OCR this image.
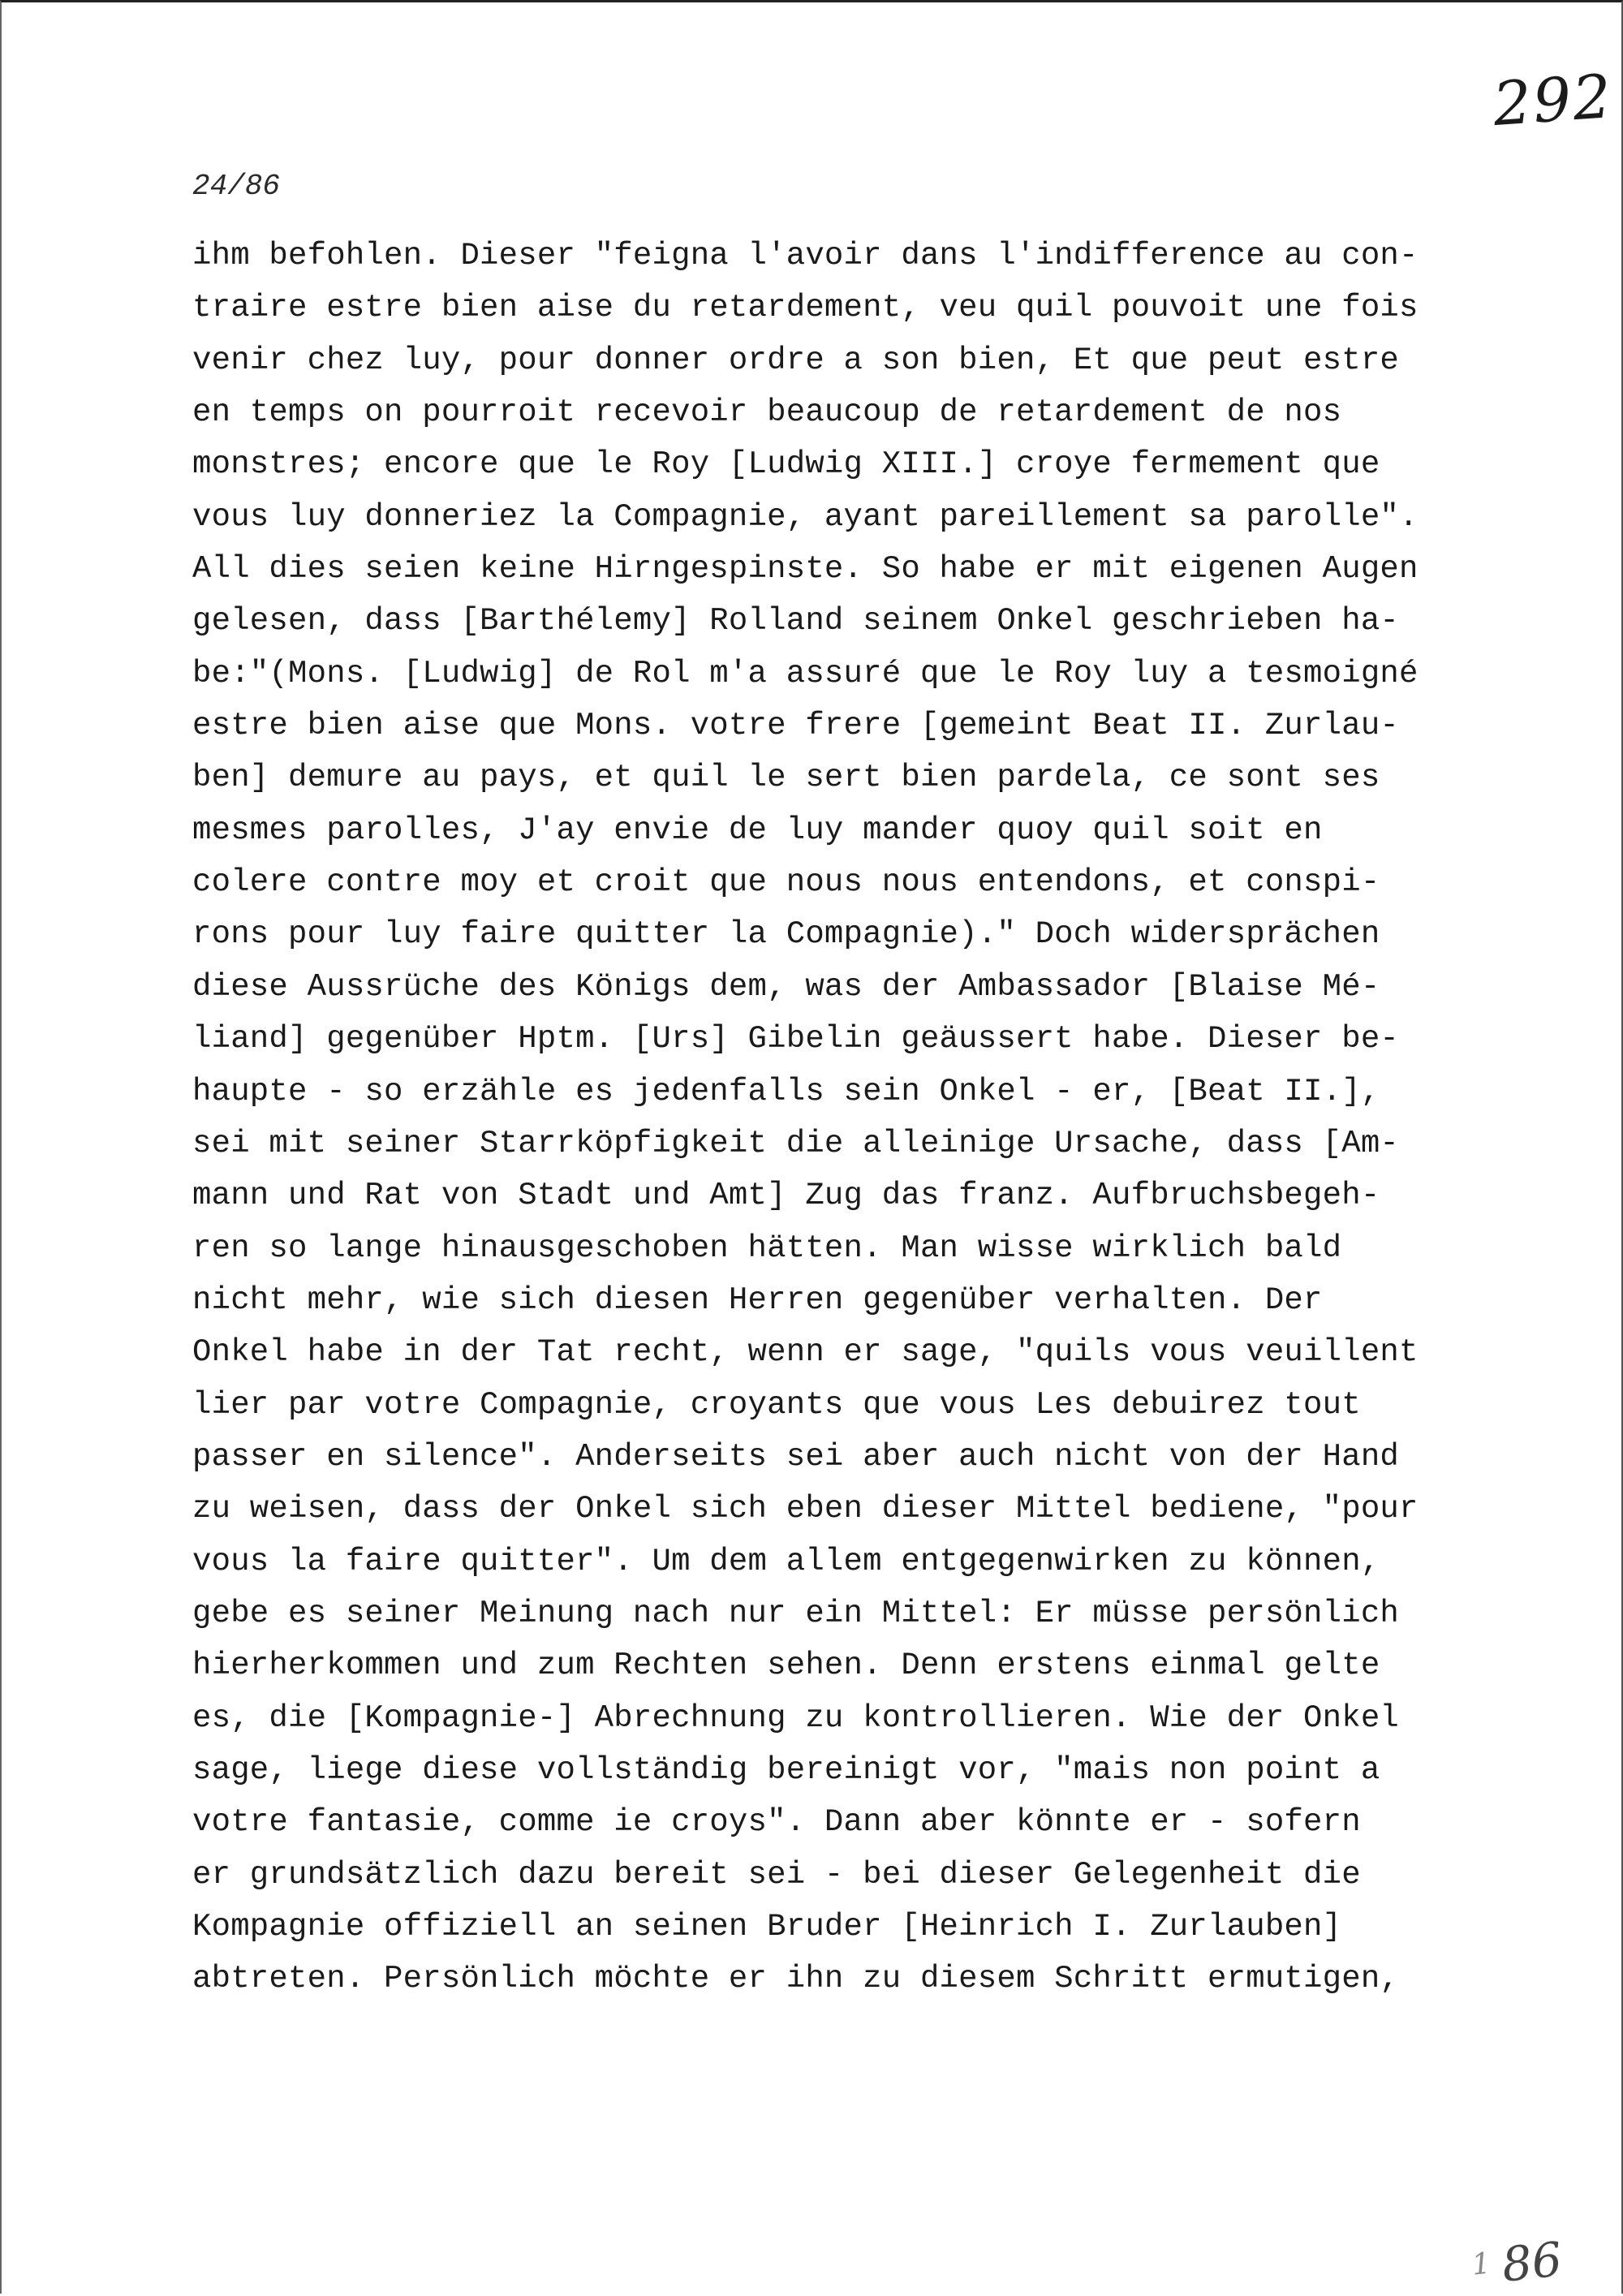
292
24/86
ihm befohlen. Dieser "feigna l'avoir dans l'indifference au con-
traire estre bien aise du retardement, veu quil pouvoit une fois
venir chez luy, pour donner ordre a son bien, Et que peut estre
en temps on pourroit recevoir beaucoup de retardement de nos
monstres; encore que le Roy [Ludwig XIII.] croye fermement que
vous luy donneriez la Compagnie, ayant pareillement sa parolle".
All dies seien keine Hirngespinste. So habe er mit eigenen Augen
gelesen, dass [Barthélemy] Rolland seinem Onkel geschrieben ha-
be:"(Mons. [Ludwig] de Rol m'a assuré que le Roy luy a tesmoigné
estre bien aise que Mons. votre frere [gemeint Beat II. Zurlau-
ben] demure au pays, et quil le sert bien pardela, ce sont ses
mesmes parolles, J'ay envie de luy mander quoy quil soit en
colere contre moy et croit que nous nous entendons, et conspi-
rons pour luy faire quitter la Compagnie)." Doch widersprächen
diese Aussrüche des Königs dem, was der Ambassador [Blaise Mé-
liand] gegenüber Hptm. [Urs] Gibelin geäussert habe. Dieser be-
haupte - so erzähle es jedenfalls sein Onkel - er, [Beat II.],
sei mit seiner Starrköpfigkeit die alleinige Ursache, dass [Am-
mann und Rat von Stadt und Amt] Zug das franz. Aufbruchsbegeh-
ren so lange hinausgeschoben hätten. Man wisse wirklich bald
nicht mehr, wie sich diesen Herren gegenüber verhalten. Der
Onkel habe in der Tat recht, wenn er sage, "quils vous veuillent
lier par votre Compagnie, croyants que vous Les debuirez tout
passer en silence". Anderseits sei aber auch nicht von der Hand
zu weisen, dass der Onkel sich eben dieser Mittel bediene, "pour
vous la faire quitter". Um dem allem entgegenwirken zu können,
gebe es seiner Meinung nach nur ein Mittel: Er müsse persönlich
hierherkommen und zum Rechten sehen. Denn erstens einmal gelte
es, die [Kompagnie-] Abrechnung zu kontrollieren. Wie der Onkel
sage, liege diese vollständig bereinigt vor, "mais non point a
votre fantasie, comme ie croys". Dann aber könnte er - sofern
er grundsätzlich dazu bereit sei - bei dieser Gelegenheit die
Kompagnie offiziell an seinen Bruder [Heinrich I. Zurlauben]
abtreten. Persönlich möchte er ihn zu diesem Schritt ermutigen,
$^1$ 86
